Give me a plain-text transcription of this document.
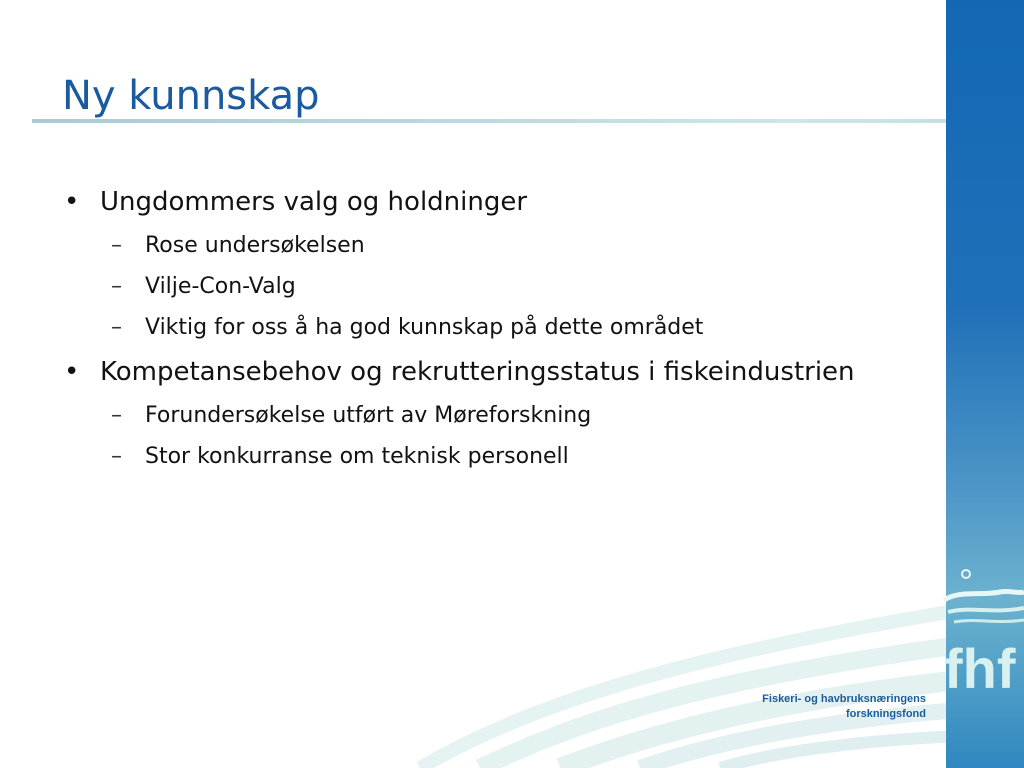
Ny kunnskap
• Ungdommers valg og holdninger
– Rose undersøkelsen
– Vilje-Con-Valg
– Viktig for oss å ha god kunnskap på dette området
• Kompetansebehov og rekrutteringsstatus i fiskeindustrien
– Forundersøkelse utført av Møreforskning
– Stor konkurranse om teknisk personell
fhf
Fiskeri- og havbruksnæringens
forskningsfond
